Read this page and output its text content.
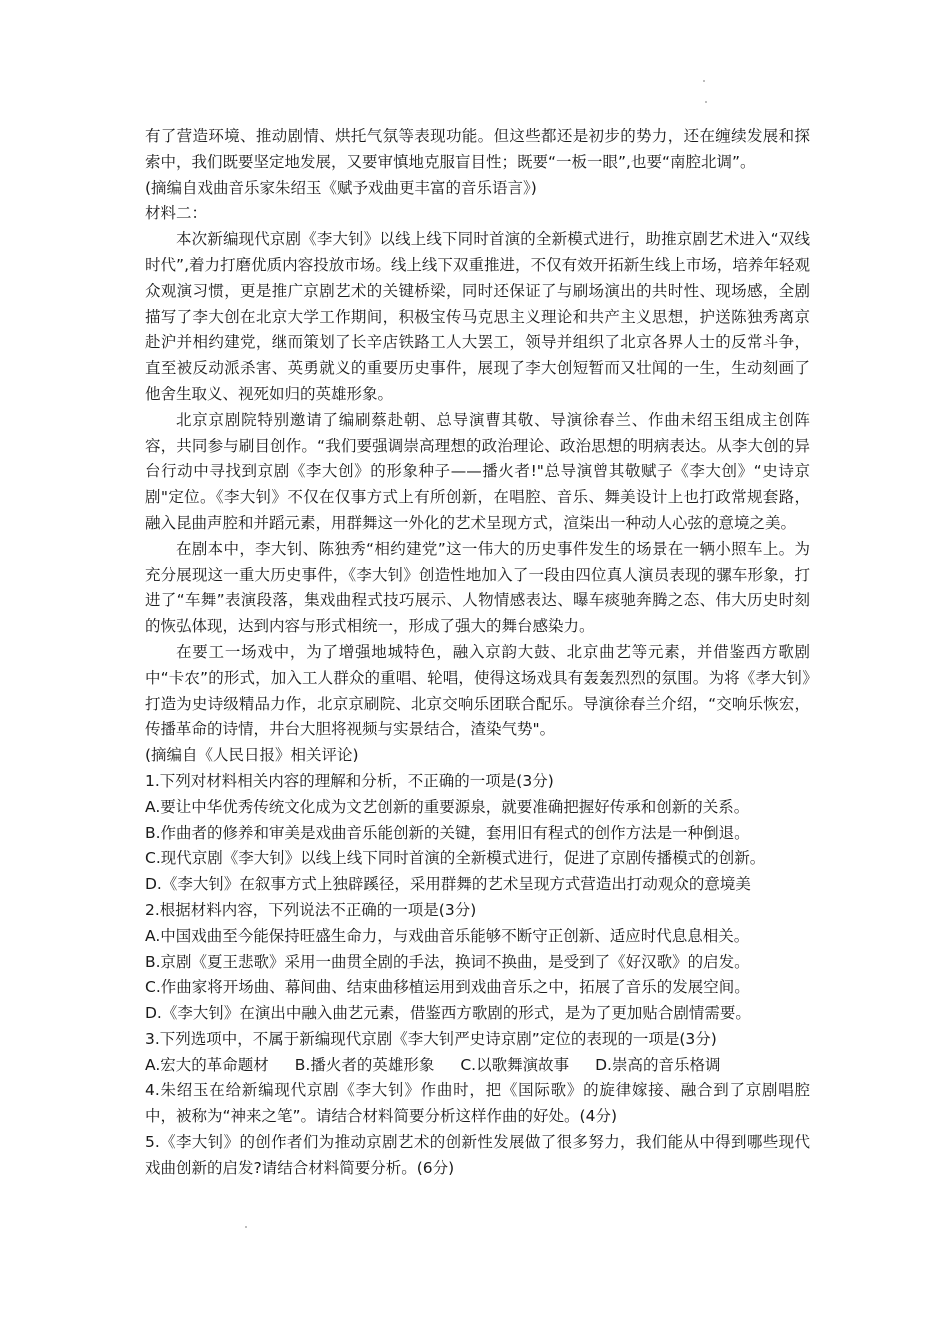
有了营造环境、推动剧情、烘托气氛等表现功能。但这些都还是初步的势力，还在缠续发展和探索中，我们既要坚定地发展，又要审慎地克服盲目性；既要“一板一眼”,也要“南腔北调”。

(摘编自戏曲音乐家朱绍玉《赋予戏曲更丰富的音乐语言》)

材料二：

本次新编现代京剧《李大钊》以线上线下同时首演的全新模式进行，助推京剧艺术进入“双线时代”,着力打磨优质内容投放市场。线上线下双重推进，不仅有效开拓新生线上市场，培养年轻观众观演习惯，更是推广京剧艺术的关键桥梁，同时还保证了与刷场演出的共时性、现场感，全剧描写了李大创在北京大学工作期间，积极宝传马克思主义理论和共产主义思想，护送陈独秀离京赴沪并相约建党，继而策划了长辛店铁路工人大罢工，领导并组织了北京各界人士的反常斗争，直至被反动派杀害、英勇就义的重要历史事件，展现了李大创短暂而又壮闻的一生，生动刻画了他舍生取义、视死如归的英雄形象。

北京京剧院特别邀请了编刷蔡赴朝、总导演曹其敬、导演徐春兰、作曲未绍玉组成主创阵容，共同参与刷目创作。“我们要强调崇高理想的政治理论、政治思想的明病表达。从李大创的异台行动中寻找到京剧《李大创》的形象种子——播火者!"总导演曾其敬赋子《李大创》“史诗京剧"定位。《李大钊》不仅在仅事方式上有所创新，在唱腔、音乐、舞美设计上也打政常规套路，融入昆曲声腔和并蹈元素，用群舞这一外化的艺术呈现方式，渲柒出一种动人心弦的意境之美。

在剧本中，李大钊、陈独秀“相约建党”这一伟大的历史事件发生的场景在一辆小照车上。为充分展现这一重大历史事件，《李大钊》创造性地加入了一段由四位真人演员表现的骡车形象，打进了“车舞”表演段落，集戏曲程式技巧展示、人物情感表达、曝车痰驰奔腾之态、伟大历史时刻的恢弘体现，达到内容与形式相统一，形成了强大的舞台感染力。

在要工一场戏中，为了增强地城特色，融入京韵大鼓、北京曲艺等元素，并借鉴西方歌剧中“卡农”的形式，加入工人群众的重唱、轮唱，使得这场戏具有轰轰烈烈的氛围。为将《孝大钊》打造为史诗级精品力作，北京京刷院、北京交响乐团联合配乐。导演徐春兰介绍，“交响乐恢宏，传播革命的诗情，井台大胆将视频与实景结合，渣染气势"。

(摘编自《人民日报》相关评论)

1.下列对材料相关内容的理解和分析，不正确的一项是(3分)

A.要让中华优秀传统文化成为文艺创新的重要源泉，就要准确把握好传承和创新的关系。

B.作曲者的修养和审美是戏曲音乐能创新的关键，套用旧有程式的创作方法是一种倒退。

C.现代京剧《李大钊》以线上线下同时首演的全新模式进行，促进了京剧传播模式的创新。

D.《李大钊》在叙事方式上独辟蹊径，采用群舞的艺术呈现方式营造出打动观众的意境美

2.根据材料内容，下列说法不正确的一项是(3分)

A.中国戏曲至今能保持旺盛生命力，与戏曲音乐能够不断守正创新、适应时代息息相关。

B.京剧《夏王悲歌》采用一曲贯全剧的手法，换词不换曲，是受到了《好汉歌》的启发。

C.作曲家将开场曲、幕间曲、结束曲移植运用到戏曲音乐之中，拓展了音乐的发展空间。

D.《李大钊》在演出中融入曲艺元素，借鉴西方歌剧的形式，是为了更加贴合剧情需要。

3.下列选项中，不属于新编现代京剧《李大钊严史诗京剧”定位的表现的一项是(3分)

A.宏大的革命题材 B.播火者的英雄形象 C.以歌舞演故事 D.崇高的音乐格调

4.朱绍玉在给新编现代京剧《李大钊》作曲时，把《国际歌》的旋律嫁接、融合到了京剧唱腔中，被称为“神来之笔”。请结合材料简要分析这样作曲的好处。(4分)

5.《李大钊》的创作者们为推动京剧艺术的创新性发展做了很多努力，我们能从中得到哪些现代戏曲创新的启发?请结合材料简要分析。(6分)
